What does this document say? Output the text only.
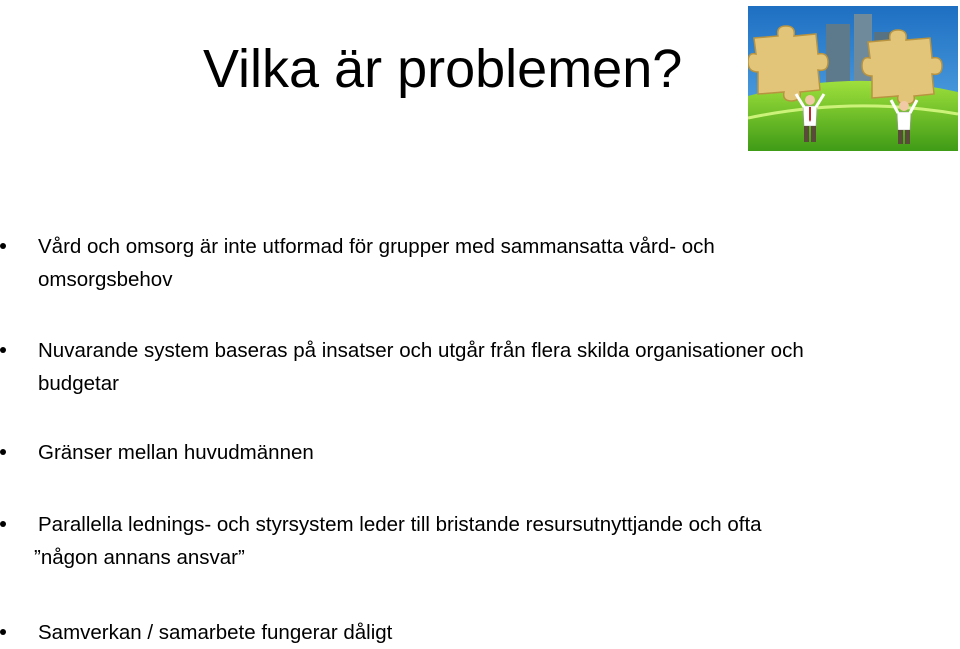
Vilka är problemen?
Vård och omsorg är inte utformad för grupper med sammansatta vård- och
omsorgsbehov
Nuvarande system baseras på insatser och utgår från flera skilda organisationer och
budgetar
Gränser mellan huvudmännen
Parallella lednings- och styrsystem leder till bristande resursutnyttjande och ofta
”någon annans ansvar”
Samverkan / samarbete fungerar dåligt
